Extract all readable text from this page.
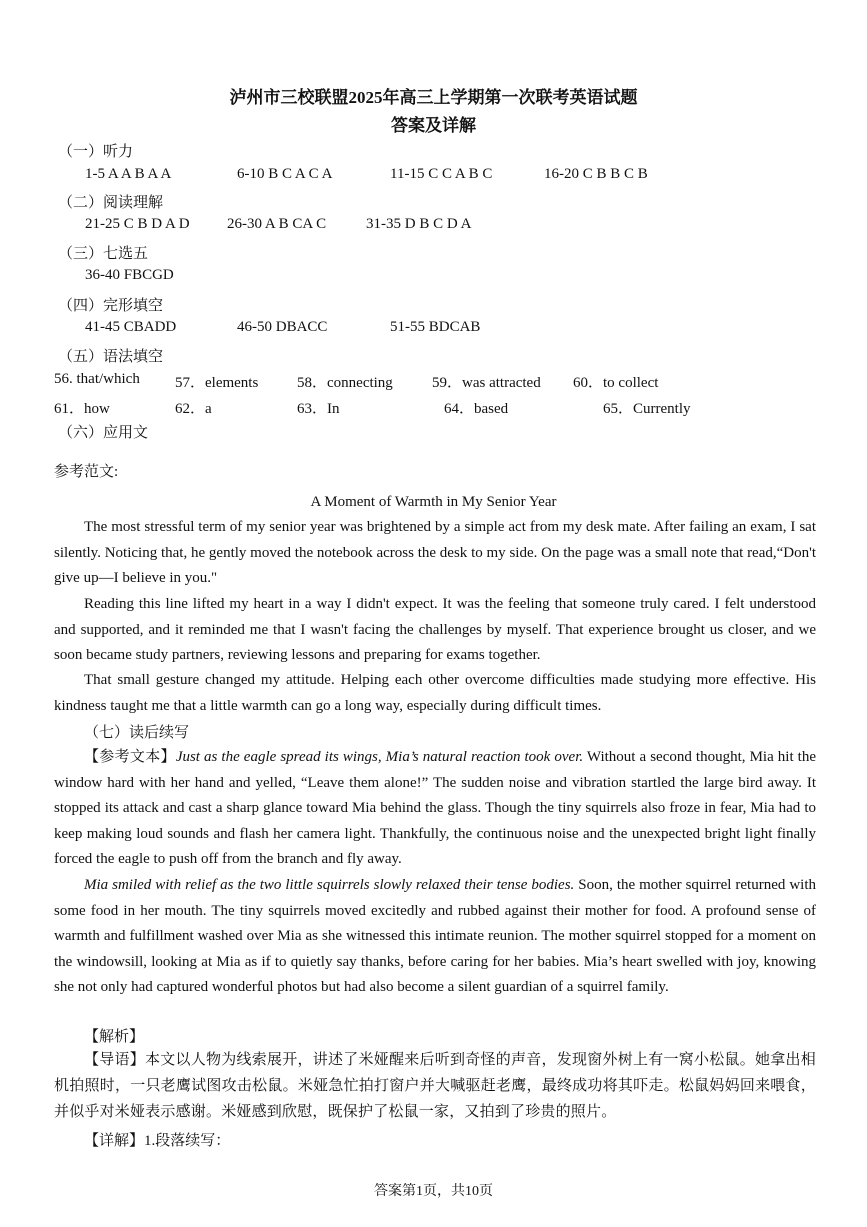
泸州市三校联盟2025年高三上学期第一次联考英语试题
答案及详解
（一）听力
1-5 A A B A A	6-10 B C A C A	11-15 C C A B C	16-20 C B B C B
（二）阅读理解
21-25 C B D A D 26-30 A B CA C	31-35 D B C D A
（三）七选五
36-40 FBCGD
（四）完形填空
41-45 CBADD	46-50 DBACC	51-55 BDCAB
（五）语法填空
56. that/which 57．elements	58．connecting	59．was attracted 60．to collect
61．how	62．a	63．In	64．based	65．Currently
（六）应用文
参考范文:
A Moment of Warmth in My Senior Year
The most stressful term of my senior year was brightened by a simple act from my desk mate. After failing an exam, I sat silently. Noticing that, he gently moved the notebook across the desk to my side. On the page was a small note that read,“Don't give up—I believe in you."
Reading this line lifted my heart in a way I didn't expect. It was the feeling that someone truly cared. I felt understood and supported, and it reminded me that I wasn't facing the challenges by myself. That experience brought us closer, and we soon became study partners, reviewing lessons and preparing for exams together.
That small gesture changed my attitude. Helping each other overcome difficulties made studying more effective. His kindness taught me that a little warmth can go a long way, especially during difficult times.
（七）读后续写
【参考文本】Just as the eagle spread its wings, Mia’s natural reaction took over. Without a second thought, Mia hit the window hard with her hand and yelled, “Leave them alone!” The sudden noise and vibration startled the large bird away. It stopped its attack and cast a sharp glance toward Mia behind the glass. Though the tiny squirrels also froze in fear, Mia had to keep making loud sounds and flash her camera light. Thankfully, the continuous noise and the unexpected bright light finally forced the eagle to push off from the branch and fly away.
Mia smiled with relief as the two little squirrels slowly relaxed their tense bodies. Soon, the mother squirrel returned with some food in her mouth. The tiny squirrels moved excitedly and rubbed against their mother for food. A profound sense of warmth and fulfillment washed over Mia as she witnessed this intimate reunion. The mother squirrel stopped for a moment on the windowsill, looking at Mia as if to quietly say thanks, before caring for her babies. Mia’s heart swelled with joy, knowing she not only had captured wonderful photos but had also become a silent guardian of a squirrel family.
【解析】
【导语】本文以人物为线索展开，讲述了米娅醒来后听到奇怪的声音，发现窗外树上有一窝小松鼠。她拿出相机拍照时，一只老鹰试图攻击松鼠。米娅急忙拍打窗户并大喊驱赶老鹰，最终成功将其吓走。松鼠妈妈回来喂食，并似乎对米娅表示感谢。米娅感到欣慰，既保护了松鼠一家，又拍到了珍贵的照片。
【详解】1.段落续写：
答案第1页，共10页
